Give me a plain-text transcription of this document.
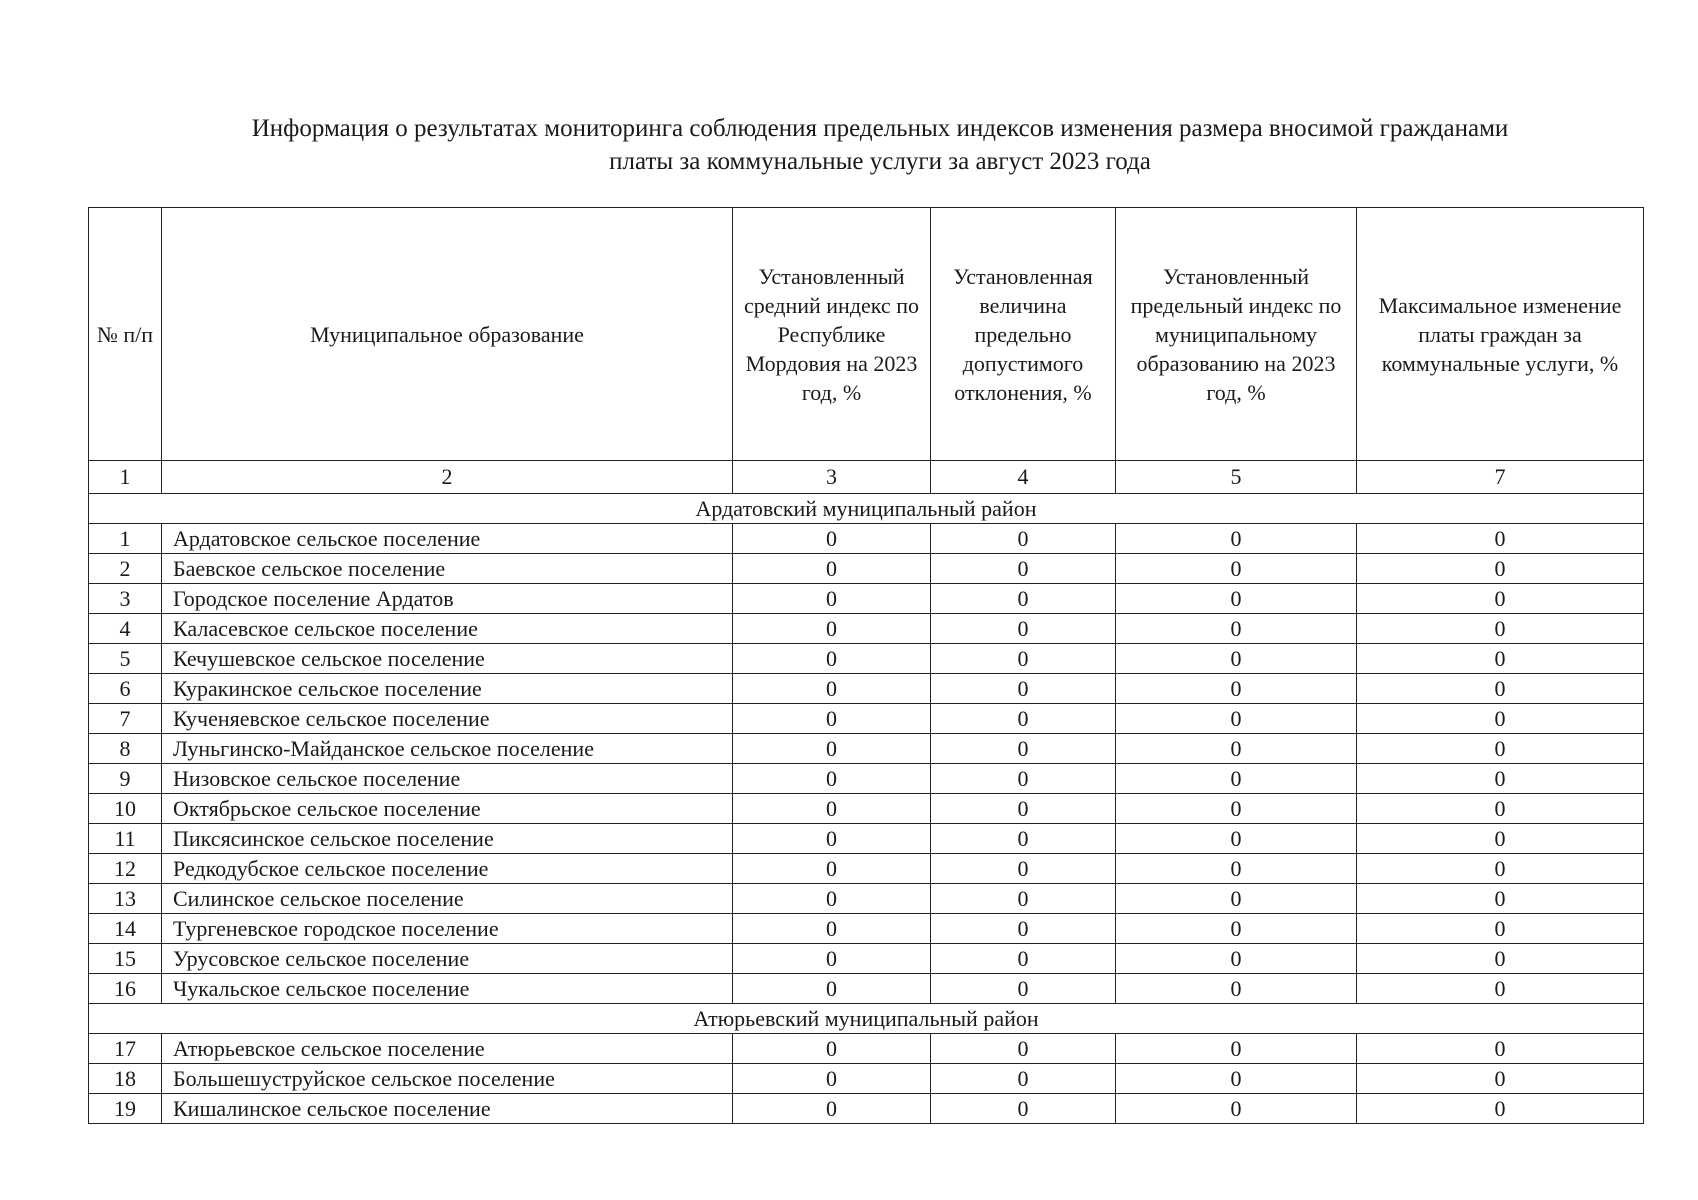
Информация о результатах мониторинга соблюдения предельных индексов изменения размера вносимой гражданами
платы за коммунальные услуги за август 2023 года
№ п/п	Муниципальное образование	Установленный средний индекс по Республике Мордовия на 2023 год, %	Установленная величина предельно допустимого отклонения, %	Установленный предельный индекс по муниципальному образованию на 2023 год, %	Максимальное изменение платы граждан за коммунальные услуги, %
1	2	3	4	5	7
Ардатовский муниципальный район					
1	Ардатовское сельское поселение	0	0	0	0
2	Баевское сельское поселение	0	0	0	0
3	Городское поселение Ардатов	0	0	0	0
4	Каласевское сельское поселение	0	0	0	0
5	Кечушевское сельское поселение	0	0	0	0
6	Куракинское сельское поселение	0	0	0	0
7	Кученяевское сельское поселение	0	0	0	0
8	Луньгинско-Майданское сельское поселение	0	0	0	0
9	Низовское сельское поселение	0	0	0	0
10	Октябрьское сельское поселение	0	0	0	0
11	Пиксясинское сельское поселение	0	0	0	0
12	Редкодубское сельское поселение	0	0	0	0
13	Силинское сельское поселение	0	0	0	0
14	Тургеневское городское поселение	0	0	0	0
15	Урусовское сельское поселение	0	0	0	0
16	Чукальское сельское поселение	0	0	0	0
Атюрьевский муниципальный район					
17	Атюрьевское сельское поселение	0	0	0	0
18	Большешуструйское сельское поселение	0	0	0	0
19	Кишалинское сельское поселение	0	0	0	0
